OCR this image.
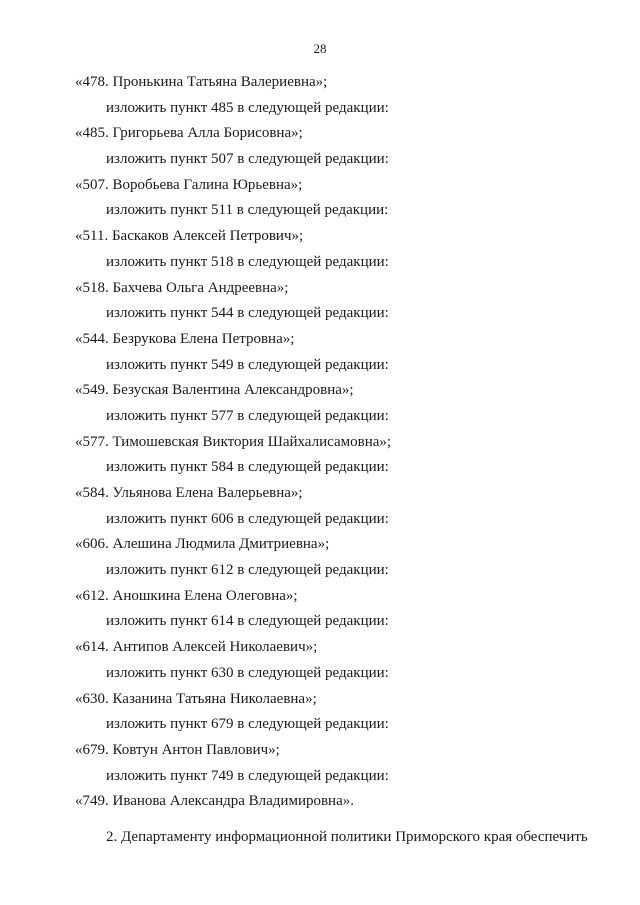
28
«478. Пронькина Татьяна Валериевна»;
изложить пункт 485 в следующей редакции:
«485. Григорьева Алла Борисовна»;
изложить пункт 507 в следующей редакции:
«507. Воробьева Галина Юрьевна»;
изложить пункт 511 в следующей редакции:
«511. Баскаков Алексей Петрович»;
изложить пункт 518 в следующей редакции:
«518. Бахчева Ольга Андреевна»;
изложить пункт 544 в следующей редакции:
«544. Безрукова Елена Петровна»;
изложить пункт 549 в следующей редакции:
«549. Безуская Валентина Александровна»;
изложить пункт 577 в следующей редакции:
«577. Тимошевская Виктория Шайхалисамовна»;
изложить пункт 584 в следующей редакции:
«584. Ульянова Елена Валерьевна»;
изложить пункт 606 в следующей редакции:
«606. Алешина Людмила Дмитриевна»;
изложить пункт 612 в следующей редакции:
«612. Аношкина Елена Олеговна»;
изложить пункт 614 в следующей редакции:
«614. Антипов Алексей Николаевич»;
изложить пункт 630 в следующей редакции:
«630. Казанина Татьяна Николаевна»;
изложить пункт 679 в следующей редакции:
«679. Ковтун Антон Павлович»;
изложить пункт 749 в следующей редакции:
«749. Иванова Александра Владимировна».

2. Департаменту информационной политики Приморского края обеспечить
